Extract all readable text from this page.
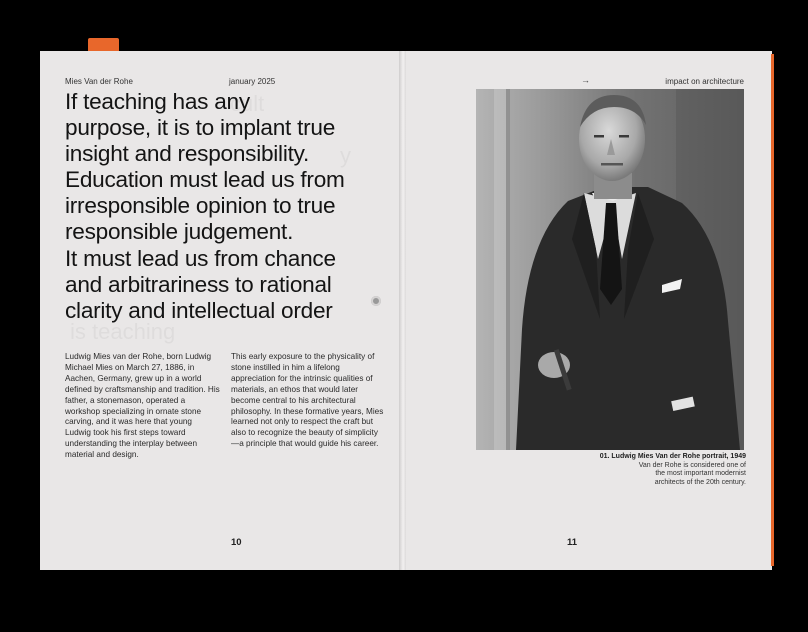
Mies Van der Rohe	january 2025
If teaching has any
purpose, it is to implant true
insight and responsibility.
Education must lead us from
irresponsible opinion to true
responsible judgement.
It must lead us from chance
and arbitrariness to rational
clarity and intellectual order
Ludwig Mies van der Rohe, born Ludwig Michael Mies on March 27, 1886, in Aachen, Germany, grew up in a world defined by craftsmanship and tradition. His father, a stonemason, operated a workshop specializing in ornate stone carving, and it was here that young Ludwig took his first steps toward understanding the interplay between material and design.
This early exposure to the physicality of stone instilled in him a lifelong appreciation for the intrinsic qualities of materials, an ethos that would later become central to his architectural philosophy. In these formative years, Mies learned not only to respect the craft but also to recognize the beauty of simplicity—a principle that would guide his career.
10
→	impact on architecture
01. Ludwig Mies Van der Rohe portrait, 1949
Van der Rohe is considered one of
the most important modernist
architects of the 20th century.
11
